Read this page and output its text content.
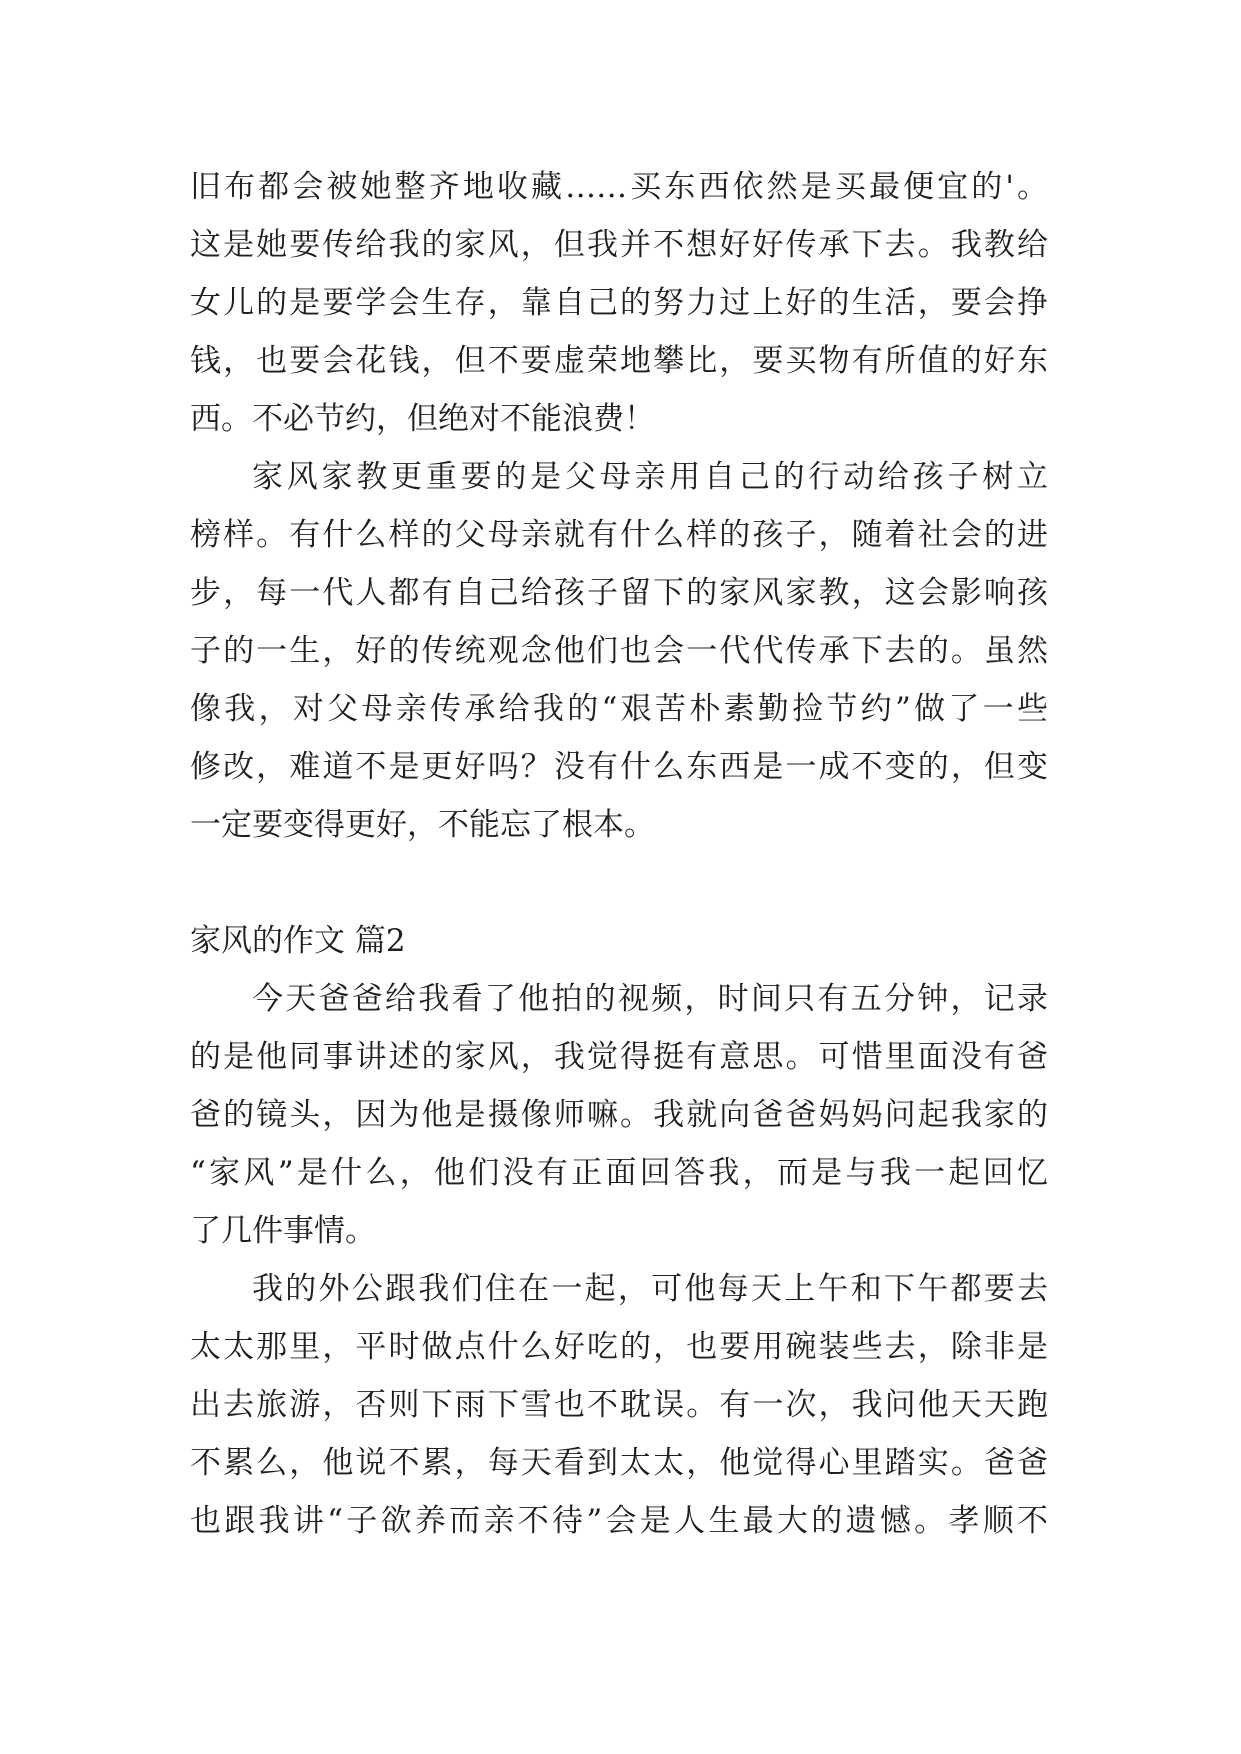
旧布都会被她整齐地收藏……买东西依然是买最便宜的'。
这是她要传给我的家风，但我并不想好好传承下去。我教给
女儿的是要学会生存，靠自己的努力过上好的生活，要会挣
钱，也要会花钱，但不要虚荣地攀比，要买物有所值的好东
西。不必节约，但绝对不能浪费！
家风家教更重要的是父母亲用自己的行动给孩子树立
榜样。有什么样的父母亲就有什么样的孩子，随着社会的进
步，每一代人都有自己给孩子留下的家风家教，这会影响孩
子的一生，好的传统观念他们也会一代代传承下去的。虽然
像我，对父母亲传承给我的“艰苦朴素勤捡节约”做了一些
修改，难道不是更好吗？没有什么东西是一成不变的，但变
一定要变得更好，不能忘了根本。
家风的作文 篇2
今天爸爸给我看了他拍的视频，时间只有五分钟，记录
的是他同事讲述的家风，我觉得挺有意思。可惜里面没有爸
爸的镜头，因为他是摄像师嘛。我就向爸爸妈妈问起我家的
“家风”是什么，他们没有正面回答我，而是与我一起回忆
了几件事情。
我的外公跟我们住在一起，可他每天上午和下午都要去
太太那里，平时做点什么好吃的，也要用碗装些去，除非是
出去旅游，否则下雨下雪也不耽误。有一次，我问他天天跑
不累么，他说不累，每天看到太太，他觉得心里踏实。爸爸
也跟我讲“子欲养而亲不待”会是人生最大的遗憾。孝顺不
